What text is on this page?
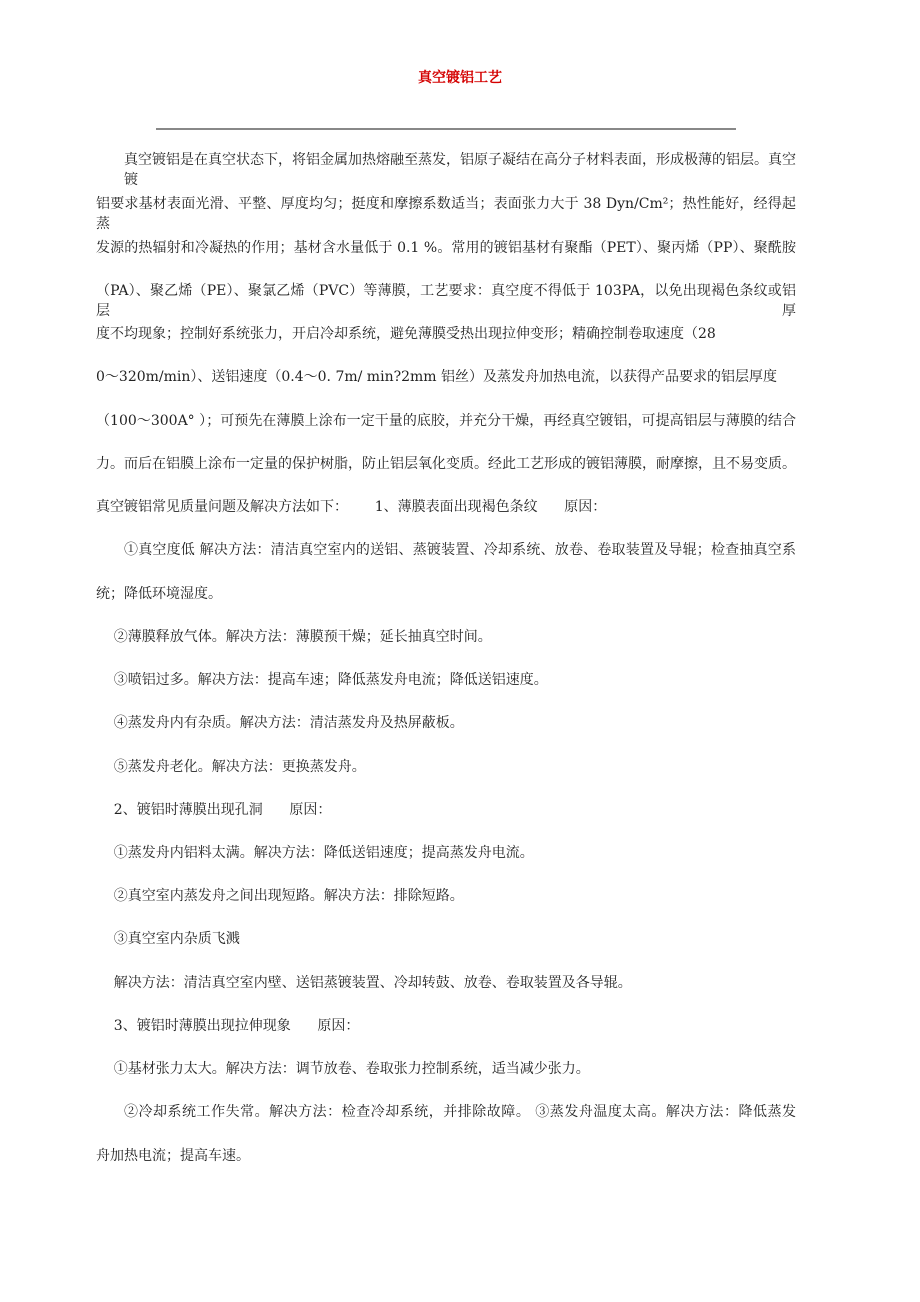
真空镀铝工艺
真空镀铝是在真空状态下，将铝金属加热熔融至蒸发，铝原子凝结在高分子材料表面，形成极薄的铝层。真空镀
铝要求基材表面光滑、平整、厚度均匀；挺度和摩擦系数适当；表面张力大于 38 Dyn/Cm²；热性能好，经得起蒸
发源的热辐射和冷凝热的作用；基材含水量低于 0.1 %。常用的镀铝基材有聚酯（PET）、聚丙烯（PP）、聚酰胺
（PA）、聚乙烯（PE）、聚氯乙烯（PVC）等薄膜，工艺要求：真空度不得低于 103PA，以免出现褐色条纹或铝层厚
度不均现象；控制好系统张力，开启冷却系统，避免薄膜受热出现拉伸变形；精确控制卷取速度（28
0～320m/min）、送铝速度（0.4～0. 7m/ min?2mm 铝丝）及蒸发舟加热电流，以获得产品要求的铝层厚度
（100～300A° ）；可预先在薄膜上涂布一定干量的底胶，并充分干燥，再经真空镀铝，可提高铝层与薄膜的结合
力。而后在铝膜上涂布一定量的保护树脂，防止铝层氧化变质。经此工艺形成的镀铝薄膜，耐摩擦，且不易变质。
真空镀铝常见质量问题及解决方法如下：      1、薄膜表面出现褐色条纹      原因：
①真空度低 解决方法：清洁真空室内的送铝、蒸镀装置、冷却系统、放卷、卷取装置及导辊；检查抽真空系
统；降低环境湿度。
②薄膜释放气体。解决方法：薄膜预干燥；延长抽真空时间。
③喷铝过多。解决方法：提高车速；降低蒸发舟电流；降低送铝速度。
④蒸发舟内有杂质。解决方法：清洁蒸发舟及热屏蔽板。
⑤蒸发舟老化。解决方法：更换蒸发舟。
2、镀铝时薄膜出现孔洞      原因：
①蒸发舟内铝料太满。解决方法：降低送铝速度；提高蒸发舟电流。
②真空室内蒸发舟之间出现短路。解决方法：排除短路。
③真空室内杂质飞溅
解决方法：清洁真空室内壁、送铝蒸镀装置、冷却转鼓、放卷、卷取装置及各导辊。
3、镀铝时薄膜出现拉伸现象      原因：
①基材张力太大。解决方法：调节放卷、卷取张力控制系统，适当减少张力。
②冷却系统工作失常。解决方法：检查冷却系统，并排除故障。 ③蒸发舟温度太高。解决方法：降低蒸发
舟加热电流；提高车速。
